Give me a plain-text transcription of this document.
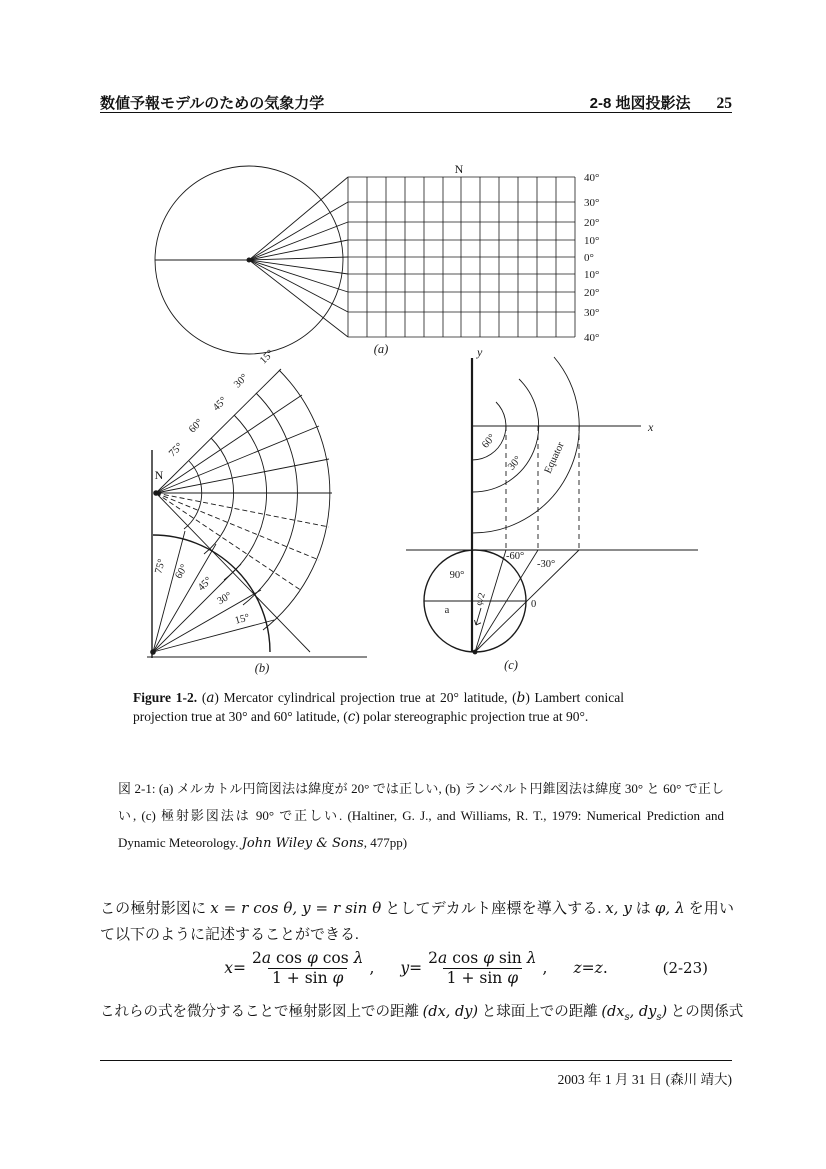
数値予報モデルのための気象力学	2-8 地図投影法 25
40°
30°
20°
10°
0°
10°
20°
30°
40°
N
(a)
75°
60°
45°
30°
15°
75° 60°
45°
30°
15°
N
(b)
y
x
60°
30° Equator
90°
a
0
-60°
-30°
φ/2
(c)
Figure 1-2. (a) Mercator cylindrical projection true at 20° latitude, (b) Lambert conical projection true at 30° and 60° latitude, (c) polar stereographic projection true at 90°.
図 2-1: (a) メルカトル円筒図法は緯度が 20° では正しい, (b) ランベルト円錐図法は緯度 30° と 60° で正しい, (c) 極射影図法は 90° で正しい. (Haltiner, G. J., and Williams, R. T., 1979: Numerical Prediction and Dynamic Meteorology. John Wiley & Sons, 477pp)
この極射影図に x = r cos θ, y = r sin θ としてデカルト座標を導入する. x, y は φ, λ を用いて以下のように記述することができる.
$x = \frac{\text{2a cos φ cos λ}}{\text{1 + sin φ}}$ , $y = \frac{\text{2a cos φ sin λ}}{\text{1 + sin φ}}$ , z = z .	(2-23)
これらの式を微分することで極射影図上での距離 (dx, dy) と球面上での距離 ($dx_s$, $dy_s$) との関係式
2003 年 1 月 31 日 (森川 靖大)
